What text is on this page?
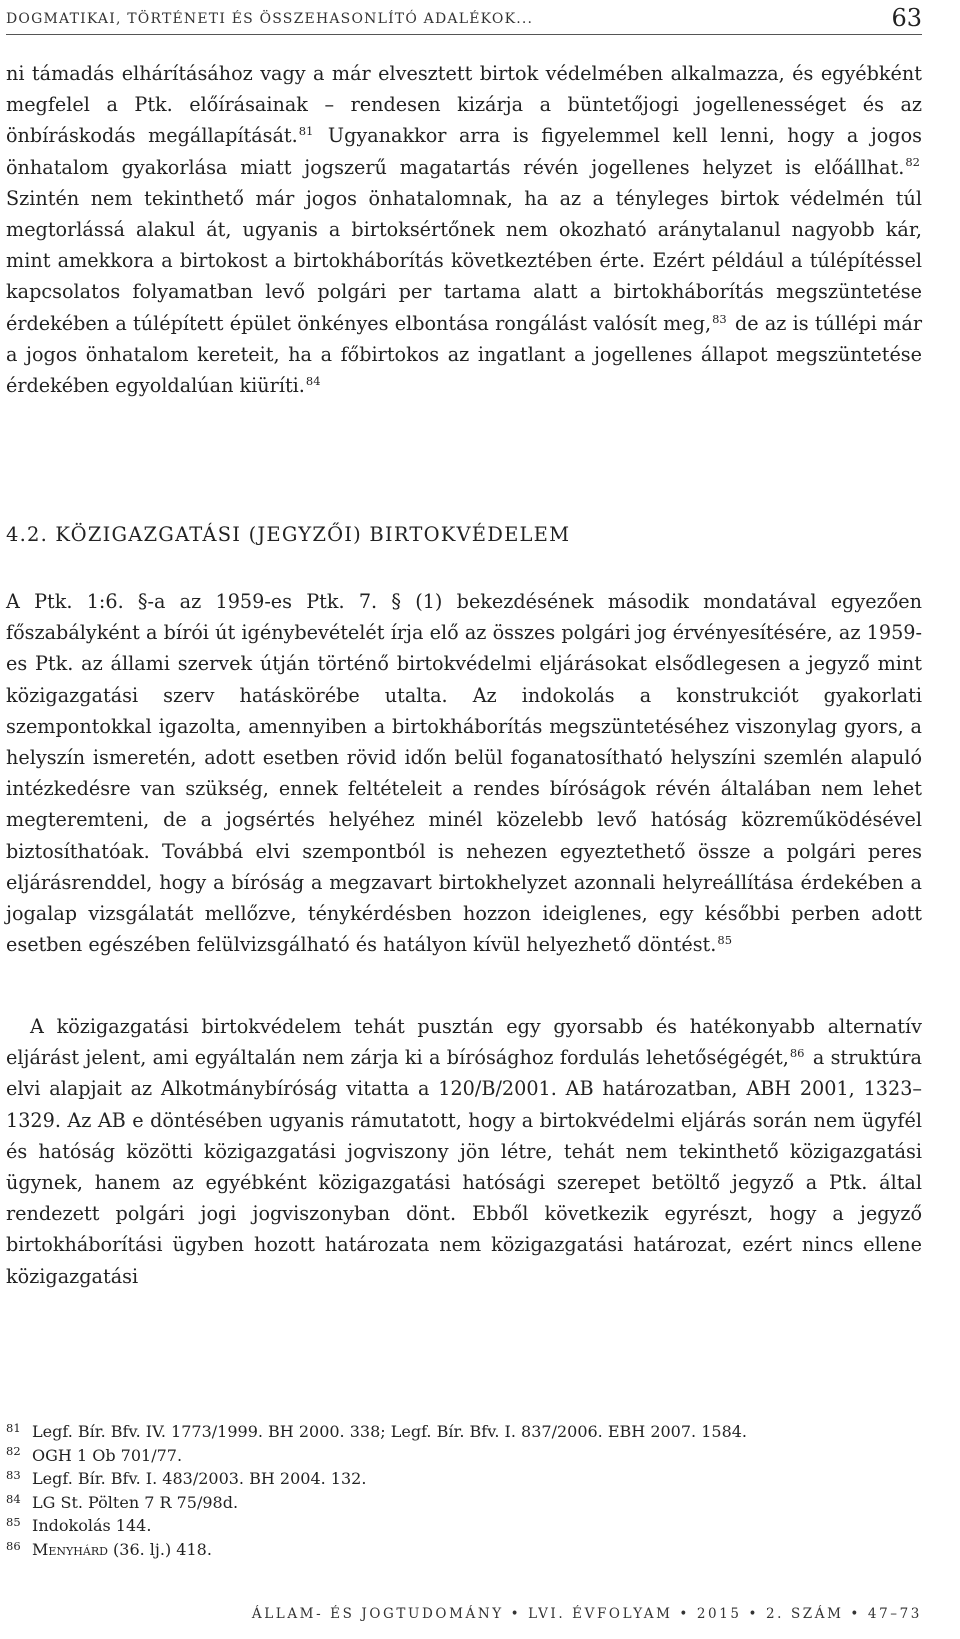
DOGMATIKAI, TÖRTÉNETI ÉS ÖSSZEHASONLÍTÓ ADALÉKOK...	63

ni támadás elhárításához vagy a már elvesztett birtok védelmében alkalmazza, és egyébként megfelel a Ptk. előírásainak – rendesen kizárja a büntetőjogi jogellenességet és az önbíráskodás megállapítását.$^{81}$ Ugyanakkor arra is figyelemmel kell lenni, hogy a jogos önhatalom gyakorlása miatt jogszerű magatartás révén jogellenes helyzet is előállhat.$^{82}$ Szintén nem tekinthető már jogos önhatalomnak, ha az a tényleges birtok védelmén túl megtorlássá alakul át, ugyanis a birtoksértőnek nem okozható aránytalanul nagyobb kár, mint amekkora a birtokost a birtokháborítás következtében érte. Ezért például a túlépítéssel kapcsolatos folyamatban levő polgári per tartama alatt a birtokháborítás megszüntetése érdekében a túlépített épület önkényes elbontása rongálást valósít meg,$^{83}$ de az is túllépi már a jogos önhatalom kereteit, ha a főbirtokos az ingatlant a jogellenes állapot megszüntetése érdekében egyoldalúan kiüríti.$^{84}$

4.2. KÖZIGAZGATÁSI (JEGYZŐI) BIRTOKVÉDELEM

A Ptk. 1:6. §-a az 1959-es Ptk. 7. § (1) bekezdésének második mondatával egyezően főszabályként a bírói út igénybevételét írja elő az összes polgári jog érvényesítésére, az 1959-es Ptk. az állami szervek útján történő birtokvédelmi eljárásokat elsődlegesen a jegyző mint közigazgatási szerv hatáskörébe utalta. Az indokolás a konstrukciót gyakorlati szempontokkal igazolta, amennyiben a birtokháborítás megszüntetéséhez viszonylag gyors, a helyszín ismeretén, adott esetben rövid időn belül foganatosítható helyszíni szemlén alapuló intézkedésre van szükség, ennek feltételeit a rendes bíróságok révén általában nem lehet megteremteni, de a jogsértés helyéhez minél közelebb levő hatóság közreműködésével biztosíthatóak. Továbbá elvi szempontból is nehezen egyeztethető össze a polgári peres eljárásrenddel, hogy a bíróság a megzavart birtokhelyzet azonnali helyreállítása érdekében a jogalap vizsgálatát mellőzve, ténykérdésben hozzon ideiglenes, egy későbbi perben adott esetben egészében felülvizsgálható és hatályon kívül helyezhető döntést.$^{85}$

A közigazgatási birtokvédelem tehát pusztán egy gyorsabb és hatékonyabb alternatív eljárást jelent, ami egyáltalán nem zárja ki a bírósághoz fordulás lehetőségégét,$^{86}$ a struktúra elvi alapjait az Alkotmánybíróság vitatta a 120/B/2001. AB határozatban, ABH 2001, 1323–1329. Az AB e döntésében ugyanis rámutatott, hogy a birtokvédelmi eljárás során nem ügyfél és hatóság közötti közigazgatási jogviszony jön létre, tehát nem tekinthető közigazgatási ügynek, hanem az egyébként közigazgatási hatósági szerepet betöltő jegyző a Ptk. által rendezett polgári jogi jogviszonyban dönt. Ebből következik egyrészt, hogy a jegyző birtokháborítási ügyben hozott határozata nem közigazgatási határozat, ezért nincs ellene közigazgatási

81 Legf. Bír. Bfv. IV. 1773/1999. BH 2000. 338; Legf. Bír. Bfv. I. 837/2006. EBH 2007. 1584.
82 OGH 1 Ob 701/77.
83 Legf. Bír. Bfv. I. 483/2003. BH 2004. 132.
84 LG St. Pölten 7 R 75/98d.
85 Indokolás 144.
86 Menyhárd (36. lj.) 418.
ÁLLAM- ÉS JOGTUDOMÁNY • LVI. ÉVFOLYAM • 2015 • 2. SZÁM • 47–73
